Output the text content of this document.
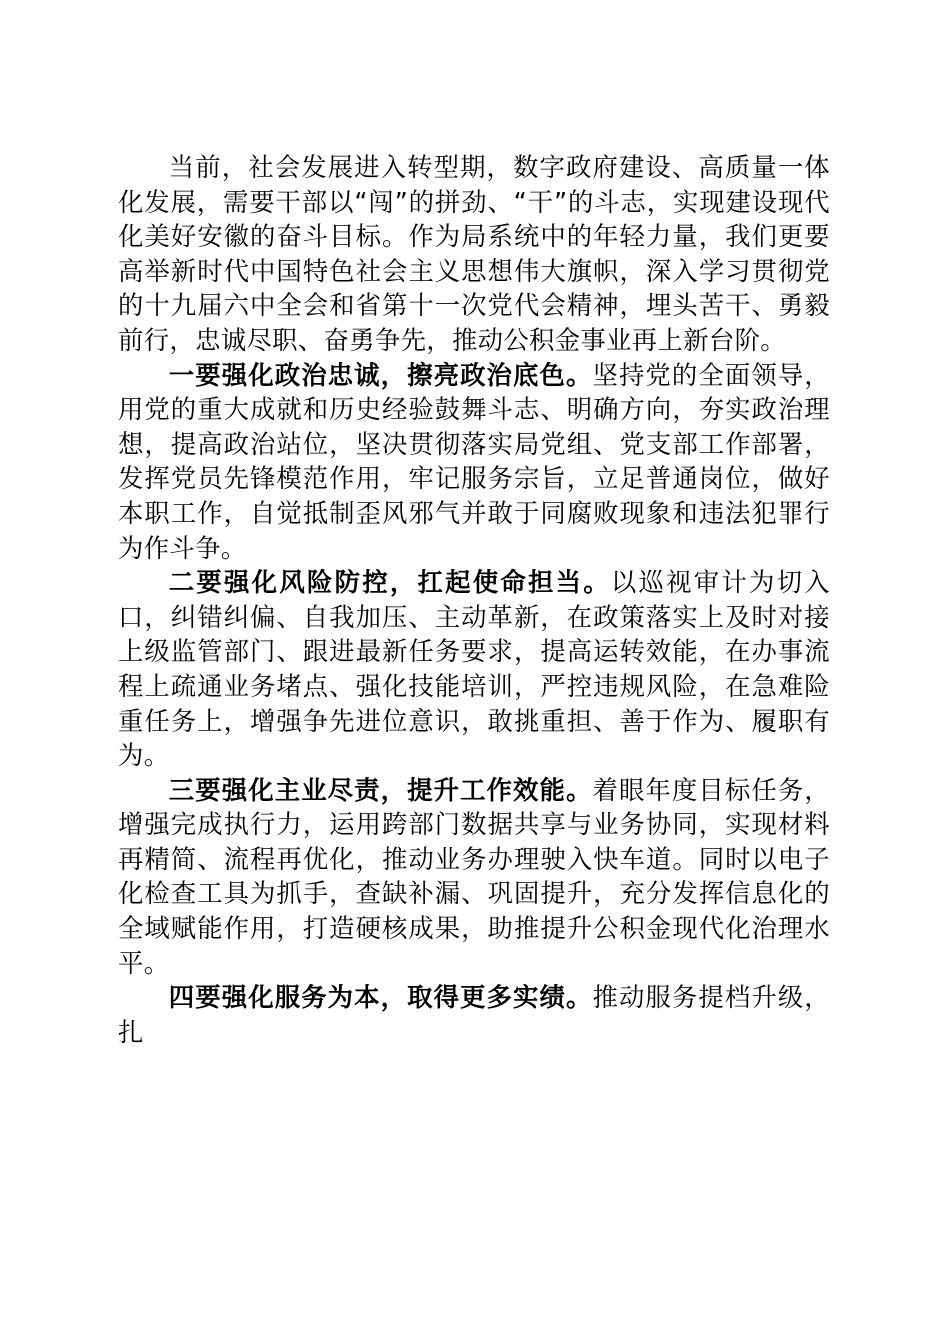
当前，社会发展进入转型期，数字政府建设、高质量一体化发展，需要干部以“闯”的拼劲、“干”的斗志，实现建设现代化美好安徽的奋斗目标。作为局系统中的年轻力量，我们更要高举新时代中国特色社会主义思想伟大旗帜，深入学习贯彻党的十九届六中全会和省第十一次党代会精神，埋头苦干、勇毅前行，忠诚尽职、奋勇争先，推动公积金事业再上新台阶。

一要强化政治忠诚，擦亮政治底色。坚持党的全面领导，用党的重大成就和历史经验鼓舞斗志、明确方向，夯实政治理想，提高政治站位，坚决贯彻落实局党组、党支部工作部署，发挥党员先锋模范作用，牢记服务宗旨，立足普通岗位，做好本职工作，自觉抵制歪风邪气并敢于同腐败现象和违法犯罪行为作斗争。

二要强化风险防控，扛起使命担当。以巡视审计为切入口，纠错纠偏、自我加压、主动革新，在政策落实上及时对接上级监管部门、跟进最新任务要求，提高运转效能，在办事流程上疏通业务堵点、强化技能培训，严控违规风险，在急难险重任务上，增强争先进位意识，敢挑重担、善于作为、履职有为。

三要强化主业尽责，提升工作效能。着眼年度目标任务，增强完成执行力，运用跨部门数据共享与业务协同，实现材料再精简、流程再优化，推动业务办理驶入快车道。同时以电子化检查工具为抓手，查缺补漏、巩固提升，充分发挥信息化的全域赋能作用，打造硬核成果，助推提升公积金现代化治理水平。

四要强化服务为本，取得更多实绩。推动服务提档升级，扎
